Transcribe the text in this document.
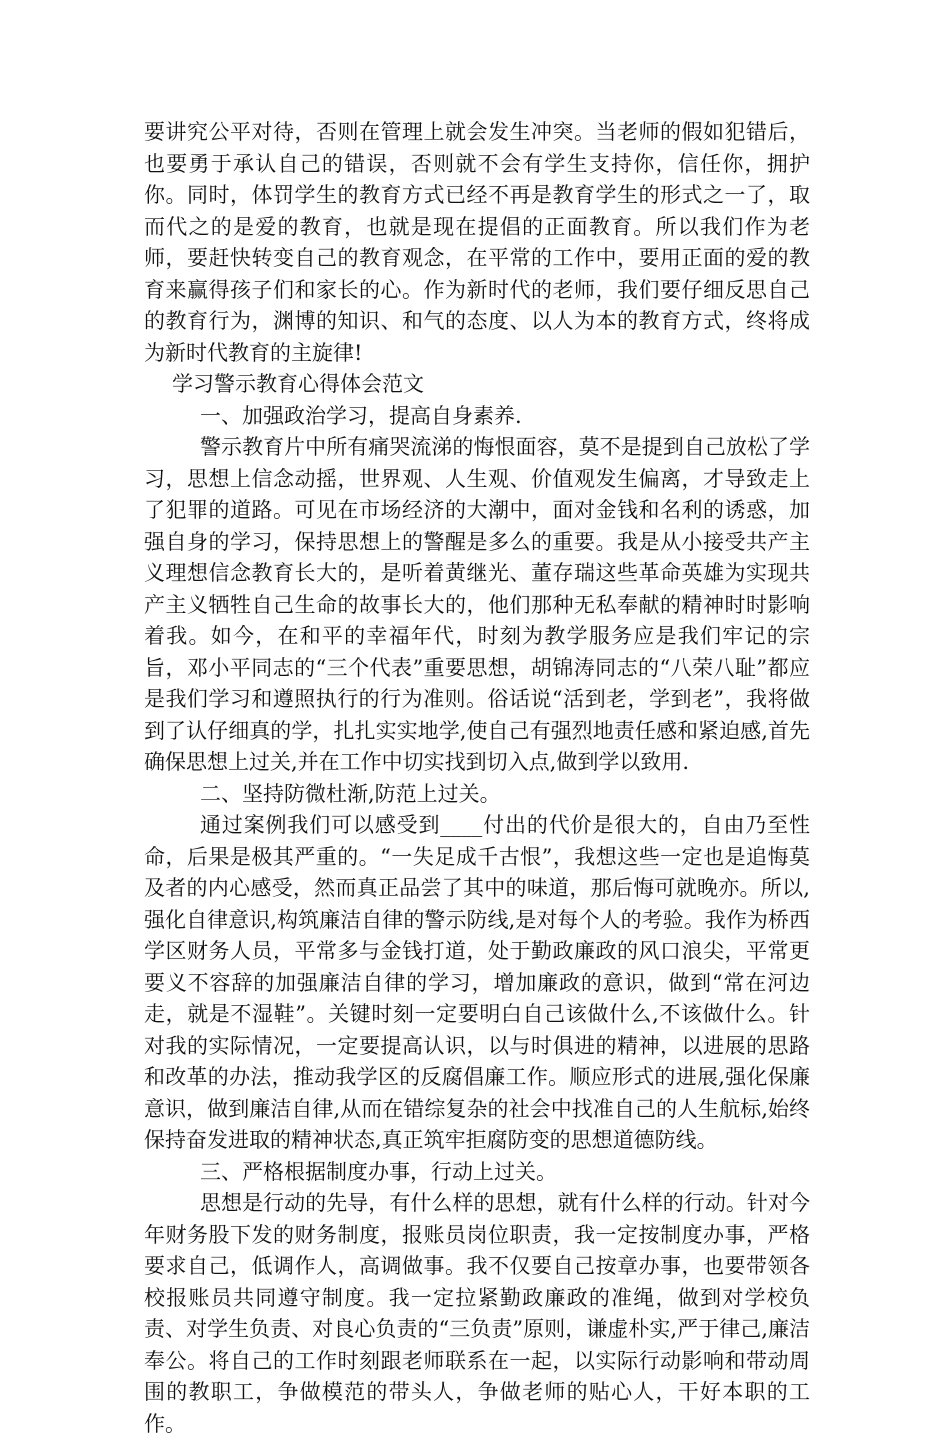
要讲究公平对待，否则在管理上就会发生冲突。当老师的假如犯错后，也要勇于承认自己的错误，否则就不会有学生支持你，信任你，拥护你。同时，体罚学生的教育方式已经不再是教育学生的形式之一了，取而代之的是爱的教育，也就是现在提倡的正面教育。所以我们作为老师，要赶快转变自己的教育观念，在平常的工作中，要用正面的爱的教育来赢得孩子们和家长的心。作为新时代的老师，我们要仔细反思自己的教育行为，渊博的知识、和气的态度、以人为本的教育方式，终将成为新时代教育的主旋律!

学习警示教育心得体会范文

一、加强政治学习，提高自身素养.

警示教育片中所有痛哭流涕的悔恨面容，莫不是提到自己放松了学习，思想上信念动摇，世界观、人生观、价值观发生偏离，才导致走上了犯罪的道路。可见在市场经济的大潮中，面对金钱和名利的诱惑，加强自身的学习，保持思想上的警醒是多么的重要。我是从小接受共产主义理想信念教育长大的，是听着黄继光、董存瑞这些革命英雄为实现共产主义牺牲自己生命的故事长大的，他们那种无私奉献的精神时时影响着我。如今，在和平的幸福年代，时刻为教学服务应是我们牢记的宗旨，邓小平同志的“三个代表”重要思想，胡锦涛同志的“八荣八耻”都应是我们学习和遵照执行的行为准则。俗话说“活到老，学到老”，我将做到了认仔细真的学，扎扎实实地学,使自己有强烈地责任感和紧迫感,首先确保思想上过关,并在工作中切实找到切入点,做到学以致用.

二、坚持防微杜渐,防范上过关。

通过案例我们可以感受到____付出的代价是很大的，自由乃至性命，后果是极其严重的。“一失足成千古恨”，我想这些一定也是追悔莫及者的内心感受，然而真正品尝了其中的味道，那后悔可就晚亦。所以,强化自律意识,构筑廉洁自律的警示防线,是对每个人的考验。我作为桥西学区财务人员，平常多与金钱打道，处于勤政廉政的风口浪尖，平常更要义不容辞的加强廉洁自律的学习，增加廉政的意识，做到“常在河边走，就是不湿鞋”。关键时刻一定要明白自己该做什么,不该做什么。针对我的实际情况，一定要提高认识，以与时俱进的精神，以进展的思路和改革的办法，推动我学区的反腐倡廉工作。顺应形式的进展,强化保廉意识，做到廉洁自律,从而在错综复杂的社会中找准自己的人生航标,始终保持奋发进取的精神状态,真正筑牢拒腐防变的思想道德防线。

三、严格根据制度办事，行动上过关。

思想是行动的先导，有什么样的思想，就有什么样的行动。针对今年财务股下发的财务制度，报账员岗位职责，我一定按制度办事，严格要求自己，低调作人，高调做事。我不仅要自己按章办事，也要带领各校报账员共同遵守制度。我一定拉紧勤政廉政的准绳，做到对学校负责、对学生负责、对良心负责的“三负责”原则，谦虚朴实,严于律己,廉洁奉公。将自己的工作时刻跟老师联系在一起，以实际行动影响和带动周围的教职工，争做模范的带头人，争做老师的贴心人，干好本职的工作。
